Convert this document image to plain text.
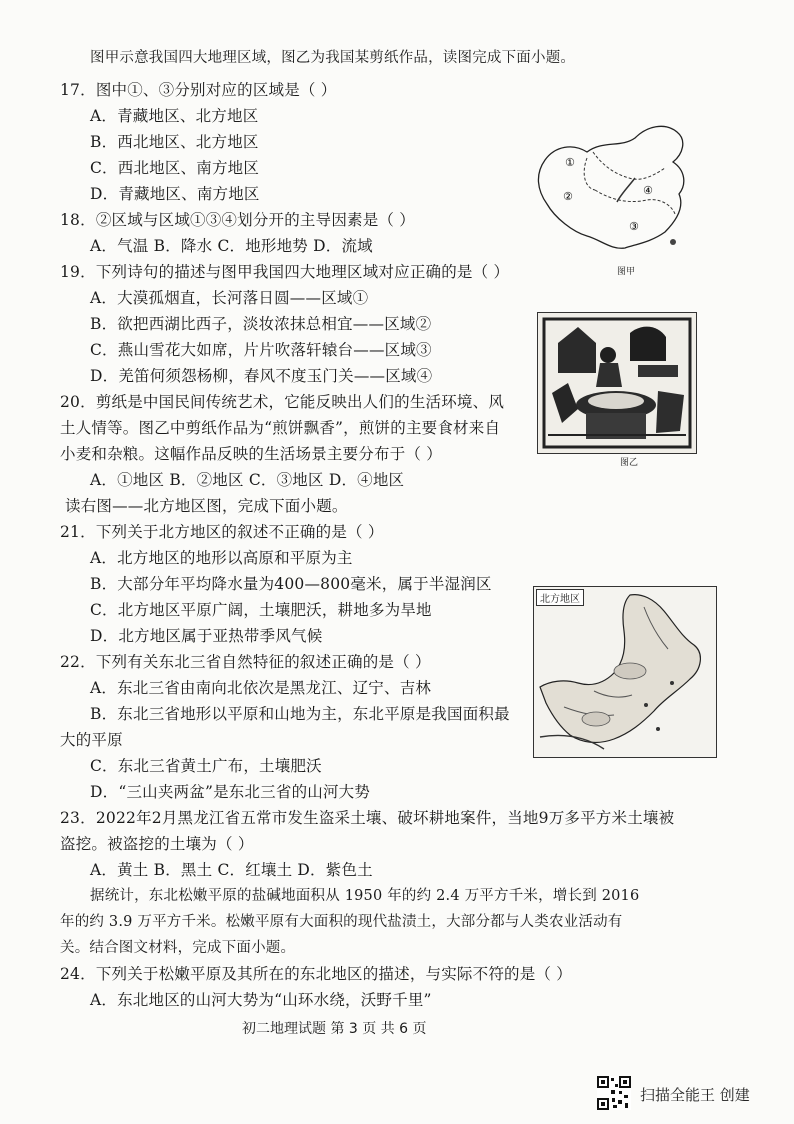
图甲示意我国四大地理区域，图乙为我国某剪纸作品，读图完成下面小题。
17．图中①、③分别对应的区域是（ ）
A．青藏地区、北方地区
B．西北地区、北方地区
C．西北地区、南方地区
D．青藏地区、南方地区
18．②区域与区域①③④划分开的主导因素是（ ）
A．气温 B．降水 C．地形地势 D．流域
19．下列诗句的描述与图甲我国四大地理区域对应正确的是（ ）
A．大漠孤烟直，长河落日圆——区域①
B．欲把西湖比西子，淡妆浓抹总相宜——区域②
C．燕山雪花大如席，片片吹落轩辕台——区域③
D．羌笛何须怨杨柳，春风不度玉门关——区域④
20．剪纸是中国民间传统艺术，它能反映出人们的生活环境、风
土人情等。图乙中剪纸作品为“煎饼飘香”，煎饼的主要食材来自
小麦和杂粮。这幅作品反映的生活场景主要分布于（ ）
A．①地区 B．②地区 C．③地区 D．④地区
读右图——北方地区图，完成下面小题。
21．下列关于北方地区的叙述不正确的是（ ）
A．北方地区的地形以高原和平原为主
B．大部分年平均降水量为400—800毫米，属于半湿润区
C．北方地区平原广阔，土壤肥沃，耕地多为旱地
D．北方地区属于亚热带季风气候
22．下列有关东北三省自然特征的叙述正确的是（ ）
A．东北三省由南向北依次是黑龙江、辽宁、吉林
B．东北三省地形以平原和山地为主，东北平原是我国面积最
大的平原
C．东北三省黄土广布，土壤肥沃
D．“三山夹两盆”是东北三省的山河大势
23．2022年2月黑龙江省五常市发生盗采土壤、破坏耕地案件，当地9万多平方米土壤被
盗挖。被盗挖的土壤为（ ）
A．黄土 B．黑土 C．红壤土 D．紫色土
据统计，东北松嫩平原的盐碱地面积从 1950 年的约 2.4 万平方千米，增长到 2016
年的约 3.9 万平方千米。松嫩平原有大面积的现代盐渍土，大部分都与人类农业活动有
关。结合图文材料，完成下面小题。
24．下列关于松嫩平原及其所在的东北地区的描述，与实际不符的是（ ）
A．东北地区的山河大势为“山环水绕，沃野千里”
①
②
③
④
图甲
图乙
北方地区
初二地理试题 第 3 页 共 6 页
扫描全能王 创建
